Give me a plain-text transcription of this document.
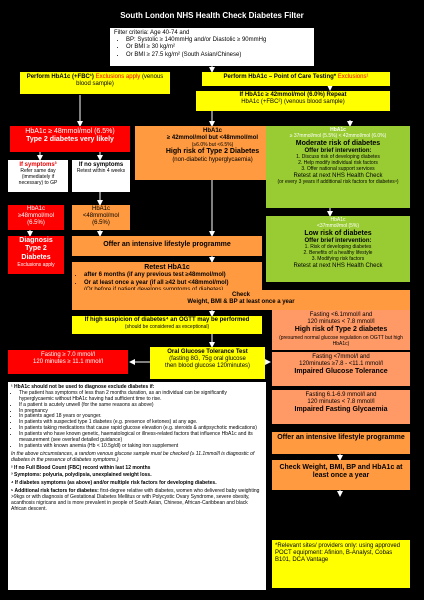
South London NHS Health Check Diabetes Filter
Filter criteria: Age 40-74 and
• BP: Systolic ≥ 140mmHg and/or Diastolic ≥ 90mmHg
• Or BMI ≥ 30 kg/m²
• Or BMI ≥ 27.5 kg/m² (South Asian/Chinese)
Perform HbA1c (+FBC¹) Exclusions apply (venous blood sample)
Perform HbA1c – Point of Care Testing* Exclusions¹
If HbA1c ≥ 42mmol/mol (6.0%) Repeat
HbA1c (+FBC²) (venous blood sample)
HbA1c ≥ 48mmol/mol (6.5%)
Type 2 diabetes very likely
HbA1c
≥ 42mmol/mol but <48mmol/mol
(≥6.0% but <6.5%)
High risk of Type 2 Diabetes
(non-diabetic hyperglycaemia)
HbA1c
≥ 37mmol/mol (5.5%) < 42mmol/mol (6.0%)
Moderate risk of diabetes
Offer brief intervention:
1. Discuss risk of developing diabetes
2. Help modify individual risk factors
3. Offer national support services
Retest at next NHS Health Check
(or every 3 years if additional risk factors for diabetes⁴)
If symptoms³
Refer same day (immediately if necessary) to GP
If no symptoms
Retest within 4 weeks
HbA1c
≥48mmol/mol
(6.5%)
HbA1c
<48mmol/mol
(6.5%)
Diagnosis
Type 2
Diabetes
Exclusions apply
Offer an intensive lifestyle programme
Retest HbA1c
• after 6 months (if any previous test ≥48mmol/mol)
• Or at least once a year (if all ≥42 but <48mmol/mol)
•
HbA1c
<37mmol/mol (5%)
Low risk of diabetes
Offer brief intervention:
1. Risk of developing diabetes
2. Benefits of a healthy lifestyle
3. Modifying risk factors
Retest at next NHS Health Check
Check
Weight, BMI & BP at least once a year
If high suspicion of diabetes⁴ an OGTT may be performed
(should be considered as exceptional)
Fasting ≥ 7.0 mmol/l
120 minutes ≥ 11.1 mmol/l
Oral Glucose Tolerance Test
(fasting 8G, 75g oral glucose
then blood glucose 120minutes)
Fasting <6.1mmol/l and
120 minutes < 7.8 mmol/l
High risk of Type 2 diabetes
(presumed normal glucose regulation on OGTT but high HbA1c)
Fasting <7mmol/l and
120minutes ≥7.8 - <11.1 mmol/l
Impaired Glucose Tolerance
Fasting 6.1-6.9 mmol/l and
120 minutes < 7.8 mmol/l
Impaired Fasting Glycaemia
Offer an intensive lifestyle programme
Check Weight, BMI, BP and HbA1c at least once a year
*Relevant sites/ providers only: using approved POCT equipment: Afinion, B-Analyst, Cobas B101, DCA Vantage
¹ HbA1c should not be used to diagnose exclude diabetes if:
• The patient has symptoms of less than 2 months duration, as an individual can be significantly hyperglycaemic without HbA1c having had sufficient time to rise.
• If a patient is acutely unwell (for the same reasons as above)
• In pregnancy
• In patients aged 18 years or younger.
• In patients with suspected type 1 diabetes (e.g. presence of ketones) at any age.
• In patients taking medications that cause rapid glucose elevation (e.g. steroids & antipsychotic medications)
• In patients who have known genetic, haematological or illness-related factors that influence HbA1c and its measurement (see overleaf detailed guidance)
• In patients with known anemia (Hb < 10.5g/dl) or taking iron supplement
In the above circumstances, a random venous glucose sample must be checked (≥ 11.1mmol/l is diagnostic of diabetes in the presence of diabetes symptoms.)
² If no Full Blood Count (FBC) record within last 12 months
³ Symptoms: polyuria, polydipsia, unexplained weight loss.
⁴ If diabetes symptoms (as above) and/or multiple risk factors for developing diabetes.
⁵ Additional risk factors for diabetes: first-degree relative with diabetes, women who delivered baby weighting >9kgs or with diagnosis of Gestational Diabetes Mellitus or with Polycystic Ovary Syndrome, severe obesity, acanthosis nigricans and is more prevalent in people of South Asian, Chinese, African-Caribbean and black African descent.
